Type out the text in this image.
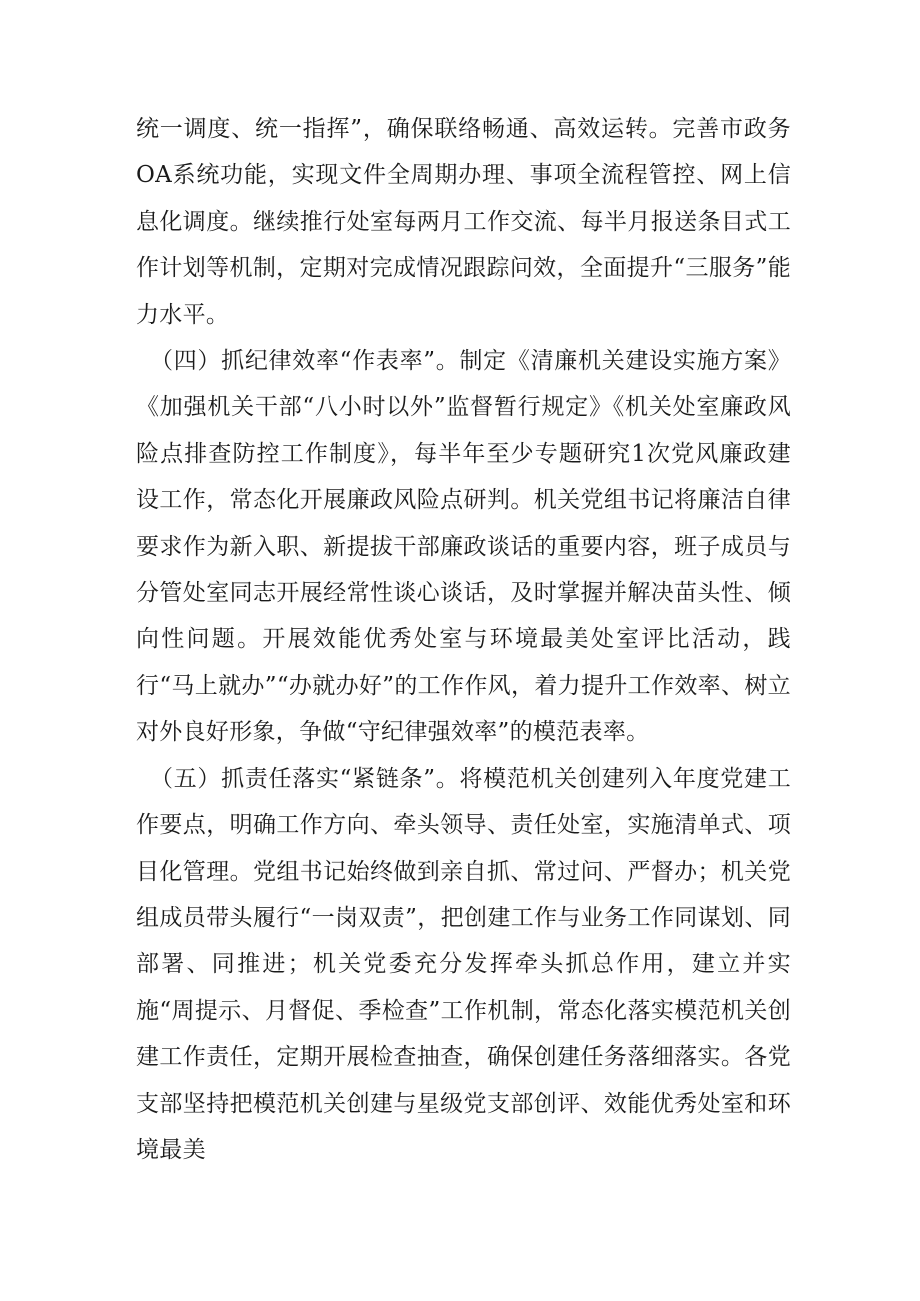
统一调度、统一指挥”，确保联络畅通、高效运转。完善市政务OA系统功能，实现文件全周期办理、事项全流程管控、网上信息化调度。继续推行处室每两月工作交流、每半月报送条目式工作计划等机制，定期对完成情况跟踪问效，全面提升“三服务”能力水平。

（四）抓纪律效率“作表率”。制定《清廉机关建设实施方案》《加强机关干部“八小时以外”监督暂行规定》《机关处室廉政风险点排查防控工作制度》，每半年至少专题研究1次党风廉政建设工作，常态化开展廉政风险点研判。机关党组书记将廉洁自律要求作为新入职、新提拔干部廉政谈话的重要内容，班子成员与分管处室同志开展经常性谈心谈话，及时掌握并解决苗头性、倾向性问题。开展效能优秀处室与环境最美处室评比活动，践行“马上就办”“办就办好”的工作作风，着力提升工作效率、树立对外良好形象，争做“守纪律强效率”的模范表率。

（五）抓责任落实“紧链条”。将模范机关创建列入年度党建工作要点，明确工作方向、牵头领导、责任处室，实施清单式、项目化管理。党组书记始终做到亲自抓、常过问、严督办；机关党组成员带头履行“一岗双责”，把创建工作与业务工作同谋划、同部署、同推进；机关党委充分发挥牵头抓总作用，建立并实施“周提示、月督促、季检查”工作机制，常态化落实模范机关创建工作责任，定期开展检查抽查，确保创建任务落细落实。各党支部坚持把模范机关创建与星级党支部创评、效能优秀处室和环境最美
